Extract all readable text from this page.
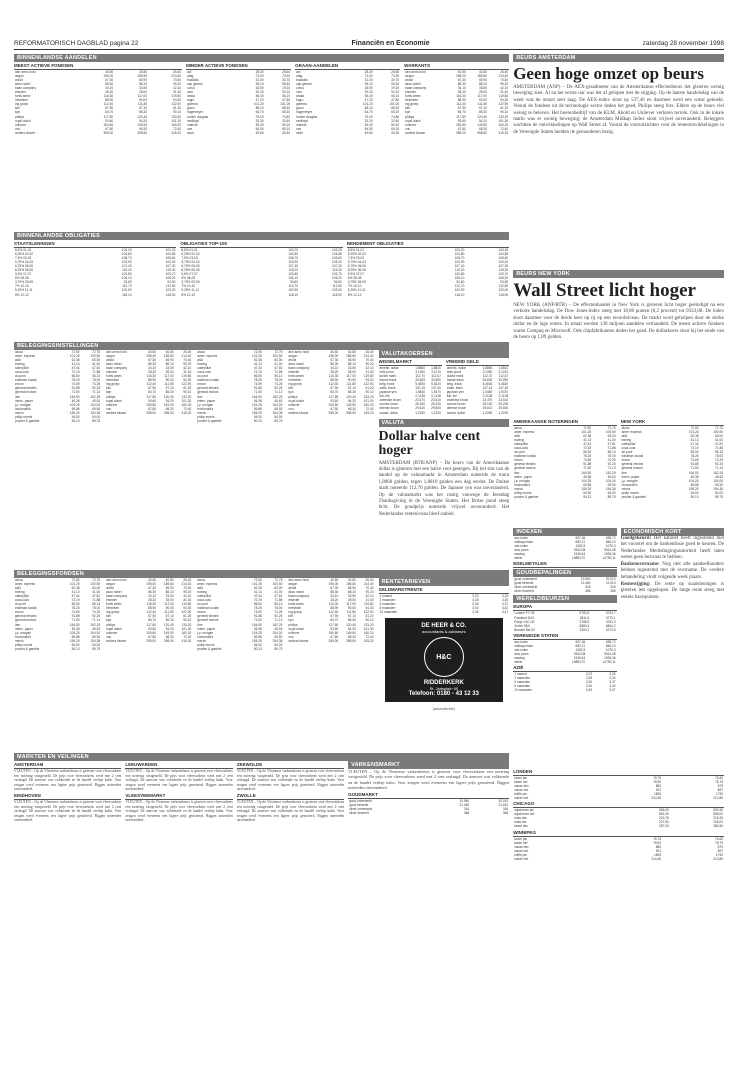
REFORMATORISCH DAGBLAD pagina 22	Financiën en Economie	zaterdag 28 november 1998
BINNENLANDSE AANDELEN
MEEST ACTIEVE FONDSEN
abn amro hold	40,50	40,80	26,40
aegon	196,00	185,60	214,40
ahold	67,30	65,90	70,40
akzo nobel	86,30	88,10	95,20
baan company	34,10	33,50	42,10
elsevier	28,20	28,00	31,40
fortis amev	116,30	117,00	119,80
heineken	88,90	90,00	94,30
ing groep	112,40	111,80	122,90
klm	57,90	57,10	61,20
kpn	84,70	85,30	90,10
philips	117,80	120,40	133,20
royal dutch	93,60	94,20	101,30
unilever	150,60	149,90	160,20
vnu	67,80	68,30	72,40
wolters kluwer	395,00	398,50	415,20
MINDER ACTIEVE FONDSEN
acf	28,30	28,60
atag	73,00	73,90
boskalis	31,00	30,70
cap gemini	95,10	96,40
corus	18,90	19,20
csm	92,30	92,10
draka	56,40	56,10
fugro	47,20	47,80
gamma	101,20	101,00
gucci	88,10	88,40
hagemeyer	64,70	65,20
hunter douglas	75,00	74,80
nedlloyd	32,30	32,60
nutricia	59,40	59,10
oce	64,50	65,10
stork	49,60	49,30
GRAAN-AANDELEN
acf	28,30	28,60
atag	73,00	73,90
boskalis	31,00	30,70
cap gemini	95,10	96,40
corus	18,90	19,20
csm	92,30	92,10
draka	56,40	56,10
fugro	47,20	47,80
gamma	101,20	101,00
gucci	88,10	88,40
hagemeyer	64,70	65,20
hunter douglas	75,00	74,80
nedlloyd	32,30	32,60
nutricia	59,40	59,10
oce	64,50	65,10
stork	49,60	49,30
WARRANTS
abn amro hold	40,50	40,80	26,40
aegon	196,00	185,60	214,40
ahold	67,30	65,90	70,40
akzo nobel	86,30	88,10	95,20
baan company	34,10	33,50	42,10
elsevier	28,20	28,00	31,40
fortis amev	116,30	117,00	119,80
heineken	88,90	90,00	94,30
ing groep	112,40	111,80	122,90
klm	57,90	57,10	61,20
kpn	84,70	85,30	90,10
philips	117,80	120,40	133,20
royal dutch	93,60	94,20	101,30
unilever	150,60	149,90	160,20
vnu	67,80	68,30	72,40
wolters kluwer	395,00	398,50	415,20
BINNENLANDSE OBLIGATIES
STAATSLENINGEN
8,5% 01-01	103,20	103,25
6,25% 02-02	104,80	104,85
7,5% 03-03	108,70	108,60
5,75% 04-04	103,90	104,00
6,75% 05-05	107,40	107,30
8,25% 06-06	115,20	115,30
5,5% 07-07	103,80	103,70
6% 08-08	106,10	106,20
3,75% 09-09	93,60	93,50
7% 10-10	112,70	112,60
5,25% 11-11	102,90	103,00
8% 12-12	118,10	118,00
OBLIGATIES TOP-100
8,5% 01-01	103,20	103,25
6,25% 02-02	104,80	104,85
7,5% 03-03	108,70	108,60
5,75% 04-04	103,90	104,00
6,75% 05-05	107,40	107,30
8,25% 06-06	115,20	115,30
5,5% 07-07	103,80	103,70
6% 08-08	106,10	106,20
3,75% 09-09	93,60	93,50
7% 10-10	112,70	112,60
5,25% 11-11	102,90	103,00
8% 12-12	118,10	118,00
RENDEMENT OBLIGATIES
8,5% 01-01	103,20	103,25
6,25% 02-02	104,80	104,85
7,5% 03-03	108,70	108,60
5,75% 04-04	103,90	104,00
6,75% 05-05	107,40	107,30
8,25% 06-06	115,20	115,30
5,5% 07-07	103,80	103,70
6% 08-08	106,10	106,20
3,75% 09-09	93,60	93,50
7% 10-10	112,70	112,60
5,25% 11-11	102,90	103,00
8% 12-12	118,10	118,00
BELEGGINGSINSTELLINGEN
alcoa	72,50	72,75
amer. express	101,25	100,50
at&t	62,38	63,00
boeing	41,13	41,00
caterpillar	47,44	47,81
coca-cola	72,19	71,88
du pont	56,50	56,13
eastman kodak	78,25	78,00
exxon	74,69	74,25
general electric	91,88	92,25
general motors	71,50	71,13
ibm	164,50	162,25
intern. paper	45,38	45,63
j.p. morgan	104,25	104,00
mcdonald's	69,88	69,50
merck	155,25	154,38
philip morris	54,50	54,00
procter & gamble	90,13	89,75
abn amro hold	40,50	40,80	26,40
aegon	196,00	185,60	214,40
ahold	67,30	65,90	70,40
akzo nobel	86,30	88,10	95,20
baan company	34,10	33,50	42,10
elsevier	28,20	28,00	31,40
fortis amev	116,30	117,00	119,80
heineken	88,90	90,00	94,30
ing groep	112,40	111,80	122,90
klm	57,90	57,10	61,20
kpn	84,70	85,30	90,10
philips	117,80	120,40	133,20
royal dutch	93,60	94,20	101,30
unilever	150,60	149,90	160,20
vnu	67,80	68,30	72,40
wolters kluwer	395,00	398,50	415,20
alcoa	72,50	72,75
amer. express	101,25	100,50
at&t	62,38	63,00
boeing	41,13	41,00
caterpillar	47,44	47,81
coca-cola	72,19	71,88
du pont	56,50	56,13
eastman kodak	78,25	78,00
exxon	74,69	74,25
general electric	91,88	92,25
general motors	71,50	71,13
ibm	164,50	162,25
intern. paper	45,38	45,63
j.p. morgan	104,25	104,00
mcdonald's	69,88	69,50
merck	155,25	154,38
philip morris	54,50	54,00
procter & gamble	90,13	89,75
abn amro hold	40,50	40,80	26,40
aegon	196,00	185,60	214,40
ahold	67,30	65,90	70,40
akzo nobel	86,30	88,10	95,20
baan company	34,10	33,50	42,10
elsevier	28,20	28,00	31,40
fortis amev	116,30	117,00	119,80
heineken	88,90	90,00	94,30
ing groep	112,40	111,80	122,90
klm	57,90	57,10	61,20
kpn	84,70	85,30	90,10
philips	117,80	120,40	133,20
royal dutch	93,60	94,20	101,30
unilever	150,60	149,90	160,20
vnu	67,80	68,30	72,40
wolters kluwer	395,00	398,50	415,20
VALUTAKOERSEN
WISSELMARKT
amerik. dollar	1,8860	1,8810
brits pond	3,1350	3,1210
duitse mark	112,70	112,67
franse frank	33,605	33,590
belg. frank	5,4630	5,4620
zwits. frank	137,15	137,40
japanse yen	1,5460	1,5470
ital. lire	0,1138	0,1138
zweedse kroon	23,470	23,510
noorse kroon	25,150	25,230
deense kroon	29,610	29,600
canad. dollar	1,2250	1,2230
VREEMD GELD
amerik. dollar	1,8860	1,8810
brits pond	3,1350	3,1210
duitse mark	112,70	112,67
franse frank	33,605	33,590
belg. frank	5,4630	5,4620
zwits. frank	137,15	137,40
japanse yen	1,5460	1,5470
ital. lire	0,1138	0,1138
zweedse kroon	23,470	23,510
noorse kroon	25,150	25,230
deense kroon	29,610	29,600
canad. dollar	1,2250	1,2230
VALUTA
Dollar halve cent hoger
AMSTERDAM (RTR/ANP) – De koers van de Amerikaanse dollar is gisteren met een halve cent gestegen. Bij het slot van de handel op de valutamarkt in Amsterdam noteerde de munt 1,8860 gulden, tegen 1,8810 gulden een dag eerder. De Duitse mark noteerde 112,70 gulden. De Japanse yen was onveranderd. Op de valutamarkt was het rustig vanwege de feestdag Thanksgiving in de Verenigde Staten. Het Britse pond steeg licht. De goudprijs noteerde vrijwel onveranderd. Het Nederlandse renteniveau bleef stabiel.
BELEGGINGSFONDSEN
alcoa	72,50	72,75
amer. express	101,25	100,50
at&t	62,38	63,00
boeing	41,13	41,00
caterpillar	47,44	47,81
coca-cola	72,19	71,88
du pont	56,50	56,13
eastman kodak	78,25	78,00
exxon	74,69	74,25
general electric	91,88	92,25
general motors	71,50	71,13
ibm	164,50	162,25
intern. paper	45,38	45,63
j.p. morgan	104,25	104,00
mcdonald's	69,88	69,50
merck	155,25	154,38
philip morris	54,50	54,00
procter & gamble	90,13	89,75
abn amro hold	40,50	40,80	26,40
aegon	196,00	185,60	214,40
ahold	67,30	65,90	70,40
akzo nobel	86,30	88,10	95,20
baan company	34,10	33,50	42,10
elsevier	28,20	28,00	31,40
fortis amev	116,30	117,00	119,80
heineken	88,90	90,00	94,30
ing groep	112,40	111,80	122,90
klm	57,90	57,10	61,20
kpn	84,70	85,30	90,10
philips	117,80	120,40	133,20
royal dutch	93,60	94,20	101,30
unilever	150,60	149,90	160,20
vnu	67,80	68,30	72,40
wolters kluwer	395,00	398,50	415,20
alcoa	72,50	72,75
amer. express	101,25	100,50
at&t	62,38	63,00
boeing	41,13	41,00
caterpillar	47,44	47,81
coca-cola	72,19	71,88
du pont	56,50	56,13
eastman kodak	78,25	78,00
exxon	74,69	74,25
general electric	91,88	92,25
general motors	71,50	71,13
ibm	164,50	162,25
intern. paper	45,38	45,63
j.p. morgan	104,25	104,00
mcdonald's	69,88	69,50
merck	155,25	154,38
philip morris	54,50	54,00
procter & gamble	90,13	89,75
abn amro hold	40,50	40,80	26,40
aegon	196,00	185,60	214,40
ahold	67,30	65,90	70,40
akzo nobel	86,30	88,10	95,20
baan company	34,10	33,50	42,10
elsevier	28,20	28,00	31,40
fortis amev	116,30	117,00	119,80
heineken	88,90	90,00	94,30
ing groep	112,40	111,80	122,90
klm	57,90	57,10	61,20
kpn	84,70	85,30	90,10
philips	117,80	120,40	133,20
royal dutch	93,60	94,20	101,30
unilever	150,60	149,90	160,20
vnu	67,80	68,30	72,40
wolters kluwer	395,00	398,50	415,20
RENTETARIEVEN
GELDMARKTRENTE
1 maand	3,23	3,25
2 maanden	3,28	3,30
3 maanden	3,36	3,37
6 maanden	3,40	3,42
12 maanden	3,45	3,47
DE HEER & CO.
accountants & adviseurs
H&C
RIDDERKERK
St. Jorisplein 90
Telefoon: 0180 - 43 12 33
(advertentie)
MARKTEN EN VEILINGEN
AMSTERDAM
VLEUTEN – Op de Vleutense varkensbeurs is gisteren voor vleesvarkens een notering vastgesteld. De prijs voor vleesvarkens werd met 2 cent verlaagd. De aanvoer was voldoende en de handel verliep kalm. Voor zeugen werd eveneens een lagere prijs genoteerd. Biggen noteerden onveranderd.
EINDHOVEN
VLEUTEN – Op de Vleutense varkensbeurs is gisteren voor vleesvarkens een notering vastgesteld. De prijs voor vleesvarkens werd met 2 cent verlaagd. De aanvoer was voldoende en de handel verliep kalm. Voor zeugen werd eveneens een lagere prijs genoteerd. Biggen noteerden onveranderd.
LEEUWARDEN
VLEUTEN – Op de Vleutense varkensbeurs is gisteren voor vleesvarkens een notering vastgesteld. De prijs voor vleesvarkens werd met 2 cent verlaagd. De aanvoer was voldoende en de handel verliep kalm. Voor zeugen werd eveneens een lagere prijs genoteerd. Biggen noteerden onveranderd.
VLEESVEEMARKT
VLEUTEN – Op de Vleutense varkensbeurs is gisteren voor vleesvarkens een notering vastgesteld. De prijs voor vleesvarkens werd met 2 cent verlaagd. De aanvoer was voldoende en de handel verliep kalm. Voor zeugen werd eveneens een lagere prijs genoteerd. Biggen noteerden onveranderd.
ZEEWOLDE
VLEUTEN – Op de Vleutense varkensbeurs is gisteren voor vleesvarkens een notering vastgesteld. De prijs voor vleesvarkens werd met 2 cent verlaagd. De aanvoer was voldoende en de handel verliep kalm. Voor zeugen werd eveneens een lagere prijs genoteerd. Biggen noteerden onveranderd.
ZWOLLE
VLEUTEN – Op de Vleutense varkensbeurs is gisteren voor vleesvarkens een notering vastgesteld. De prijs voor vleesvarkens werd met 2 cent verlaagd. De aanvoer was voldoende en de handel verliep kalm. Voor zeugen werd eveneens een lagere prijs genoteerd. Biggen noteerden onveranderd.
VARKENSMARKT
VLEUTEN – Op de Vleutense varkensbeurs is gisteren voor vleesvarkens een notering vastgesteld. De prijs voor vleesvarkens werd met 2 cent verlaagd. De aanvoer was voldoende en de handel verliep kalm. Voor zeugen werd eveneens een lagere prijs genoteerd. Biggen noteerden onveranderd.
GOUDMARKT
goud onbewerkt	19.960	20.010
goud bewerkt	21.460	21.510
zilver onbewerkt	316	318
zilver bewerkt	366	368
BEURS AMSTERDAM
Geen hoge omzet op beurs
AMSTERDAM (ANP) – De AEX-graadmeter van de Amsterdamse effectenbeurs liet gisteren weinig beweging zien. Al na het eerste uur was het af gelopen met de stijging. Op de laatste handelsdag van de week was de omzet zeer laag. De AEX-index sloot op 537,46 en daarmee werd een winst geboekt. Vooral de fondsen uit de technologie sector deden het goed. Philips steeg fors. Elders op de beurs viel weinig te beleven. Het boerenbedrijf van de KLM, Ahold en Unilever verloren terrein. Ook in de lokale markt was er weinig beweging; de Amsterdam Midkap Index sloot vrijwel onveranderd. Beleggers wachtten de ontwikkelingen op Wall Street af. Vooral de vooruitzichten voor de renteontwikkelingen in de Verenigde Staten hielden de gemoederen bezig.
BEURS NEW YORK
Wall Street licht hoger
NEW YORK (ANP/RTR) – De effectenhandel in New York is gisteren licht hoger geëindigd na een verkorte handelsdag. De Dow Jones-index steeg met 18,80 punten (0,2 procent) tot 9333,08. De index sloot daarmee voor de derde keer op rij op een recordniveau. De markt werd geholpen door de sterke dollar en de lage rentes. In totaal werden 130 miljoen aandelen verhandeld. De meest actieve fondsen waren Compaq en Microsoft. Ook chipfabrikanten deden het goed. De dollarkoers sloot bij het einde van de beurs op 1,89 gulden.
AMERIKAANSE NOTERINGEN
alcoa	72,50	72,75
amer. express	101,25	100,50
at&t	62,38	63,00
boeing	41,13	41,00
caterpillar	47,44	47,81
coca-cola	72,19	71,88
du pont	56,50	56,13
eastman kodak	78,25	78,00
exxon	74,69	74,25
general electric	91,88	92,25
general motors	71,50	71,13
ibm	164,50	162,25
intern. paper	45,38	45,63
j.p. morgan	104,25	104,00
mcdonald's	69,88	69,50
merck	155,25	154,38
philip morris	54,50	54,00
procter & gamble	90,13	89,75
NEW YORK
alcoa	72,50	72,75
amer. express	101,25	100,50
at&t	62,38	63,00
boeing	41,13	41,00
caterpillar	47,44	47,81
coca-cola	72,19	71,88
du pont	56,50	56,13
eastman kodak	78,25	78,00
exxon	74,69	74,25
general electric	91,88	92,25
general motors	71,50	71,13
ibm	164,50	162,25
intern. paper	45,38	45,63
j.p. morgan	104,25	104,00
mcdonald's	69,88	69,50
merck	155,25	154,38
philip morris	54,50	54,00
procter & gamble	90,13	89,75
INDEXEN
aex-index	537,46	535,72
midkap-index	683,21	684,10
cbs-index	1082,5	1079,3
dow jones	9333,08	9314,28
nasdaq	1949,54	1935,36
nikkei	14883,70	14790,11
EDELMETALEN
GOUDBEPALINGEN
goud onbewerkt	19.960	20.010
goud bewerkt	21.460	21.510
zilver onbewerkt	316	318
zilver bewerkt	366	368
WERELDBEURZEN
EUROPA
Londen FT-SE	5782,5	5734,7
Frankfurt DAX	4811,6	4775,1
Parijs CAC-40	3788,9	3752,3
Zurich SMI	6880,4	6844,2
Brussel Bel-20	3284,1	3270,6
VERENIGDE STATEN
aex-index	537,46	535,72
midkap-index	683,21	684,10
cbs-index	1082,5	1079,3
dow jones	9333,08	9314,28
nasdaq	1949,54	1935,36
nikkei	14883,70	14790,11
AZIË
1 maand	3,23	3,25
2 maanden	3,28	3,30
3 maanden	3,36	3,37
6 maanden	3,40	3,42
12 maanden	3,45	3,47
ECONOMISCH KORT

Goedgekeurd: Het kabinet heeft ingestemd met het voorstel om de bankenfusie goed te keuren. De Nederlandse Mededingingsautoriteit heeft laten weten geen bezwaar te hebben.

Bankenovername: Nog niet alle aandeelhouders hebben ingestemd met de overname. De verdere behandeling vindt volgende week plaats.

Rentestijging: De rente op staatsleningen is gisteren iets opgelopen. De lange rente steeg met enkele basispunten.

LONDEN
tarwe jan	76,75	76,60
tarwe mrt	78,90	78,75
cacao dec	883	879
cacao mrt	901	897
koffie jan	1805	1790
suiker mrt	214,60	213,80
CHICAGO
sojabonen jan	556,00	552,50
sojabonen mrt	561,50	558,00
mais dec	216,75	215,25
mais mrt	227,50	226,00
tarwe dec	287,00	284,50
WINNIPEG
tarwe jan	76,75	76,60
tarwe mrt	78,90	78,75
cacao dec	883	879
cacao mrt	901	897
koffie jan	1805	1790
suiker mrt	214,60	213,80
